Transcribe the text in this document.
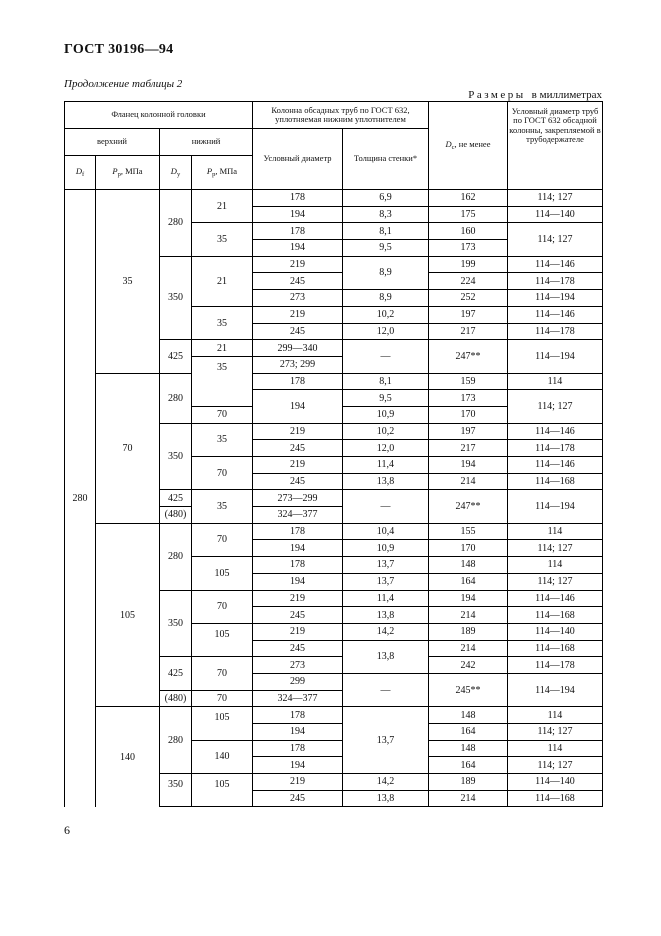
ГОСТ 30196—94
Продолжение таблицы 2
Размеры в миллиметрах
Фланец колонной головки				Колонна обсадных труб по ГОСТ 632, уплотняемая нижним уплотнителем		$D_c$, не менее	Условный диаметр труб по ГОСТ 632 обсадной колонны, закрепляемой в трубодержателе
верхний		нижний		Условный диаметр	Толщина стенки*		
$D_f$	$P_p$, МПа	$D_y$	$P_p$, МПа				
280	35	280	21	178	6,9	162	114; 127
				194	8,3	175	114—140
			35	178	8,1	160	114; 127
				194	9,5	173	
		350	21	219	8,9	199	114—146
				245		224	114—178
				273	8,9	252	114—194
			35	219	10,2	197	114—146
				245	12,0	217	114—178
		425	21	299—340	—	247**	114—194
			35	273; 299			
	70	280		178	8,1	159	114
				194	9,5	173	114; 127
			70		10,9	170	
		350	35	219	10,2	197	114—146
				245	12,0	217	114—178
			70	219	11,4	194	114—146
				245	13,8	214	114—168
		425	35	273—299	—	247**	114—194
		(480)		324—377			
	105	280	70	178	10,4	155	114
				194	10,9	170	114; 127
			105	178	13,7	148	114
				194	13,7	164	114; 127
		350	70	219	11,4	194	114—146
				245	13,8	214	114—168
			105	219	14,2	189	114—140
				245	13,8	214	114—168
		425	70	273		242	114—178
				299	—	245**	114—194
		(480)	70	324—377			
	140	280	105	178	13,7	148	114
				194		164	114; 127
			140	178		148	114
				194		164	114; 127
		350	105	219	14,2	189	114—140
				245	13,8	214	114—168
6
